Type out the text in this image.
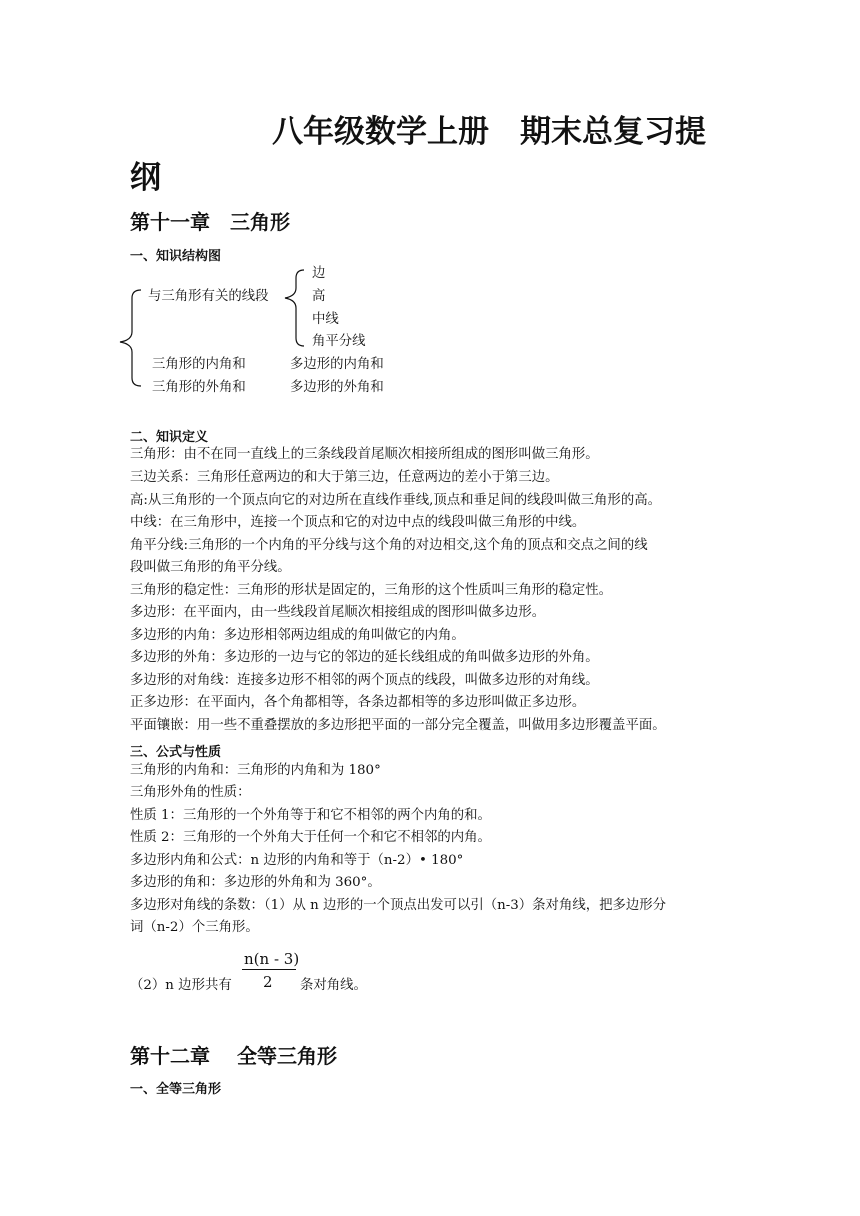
八年级数学上册　期末总复习提
纲
第十一章　三角形
一、知识结构图
与三角形有关的线段
边
高
中线
角平分线
三角形的内角和	多边形的内角和
三角形的外角和	多边形的外角和
二、知识定义
三角形：由不在同一直线上的三条线段首尾顺次相接所组成的图形叫做三角形。
三边关系：三角形任意两边的和大于第三边，任意两边的差小于第三边。
高:从三角形的一个顶点向它的对边所在直线作垂线,顶点和垂足间的线段叫做三角形的高。
中线：在三角形中，连接一个顶点和它的对边中点的线段叫做三角形的中线。
角平分线:三角形的一个内角的平分线与这个角的对边相交,这个角的顶点和交点之间的线
段叫做三角形的角平分线。
三角形的稳定性：三角形的形状是固定的，三角形的这个性质叫三角形的稳定性。
多边形：在平面内，由一些线段首尾顺次相接组成的图形叫做多边形。
多边形的内角：多边形相邻两边组成的角叫做它的内角。
多边形的外角：多边形的一边与它的邻边的延长线组成的角叫做多边形的外角。
多边形的对角线：连接多边形不相邻的两个顶点的线段，叫做多边形的对角线。
正多边形：在平面内，各个角都相等，各条边都相等的多边形叫做正多边形。
平面镶嵌：用一些不重叠摆放的多边形把平面的一部分完全覆盖，叫做用多边形覆盖平面。
三、公式与性质
三角形的内角和：三角形的内角和为 180°
三角形外角的性质：
性质 1：三角形的一个外角等于和它不相邻的两个内角的和。
性质 2：三角形的一个外角大于任何一个和它不相邻的内角。
多边形内角和公式：n 边形的内角和等于（n-2）• 180°
多边形的角和：多边形的外角和为 360°。
多边形对角线的条数：（1）从 n 边形的一个顶点出发可以引（n-3）条对角线，把多边形分
词（n-2）个三角形。
（2）n 边形共有
n(n - 3)
2 条对角线。
第十二章　 全等三角形
一、全等三角形
